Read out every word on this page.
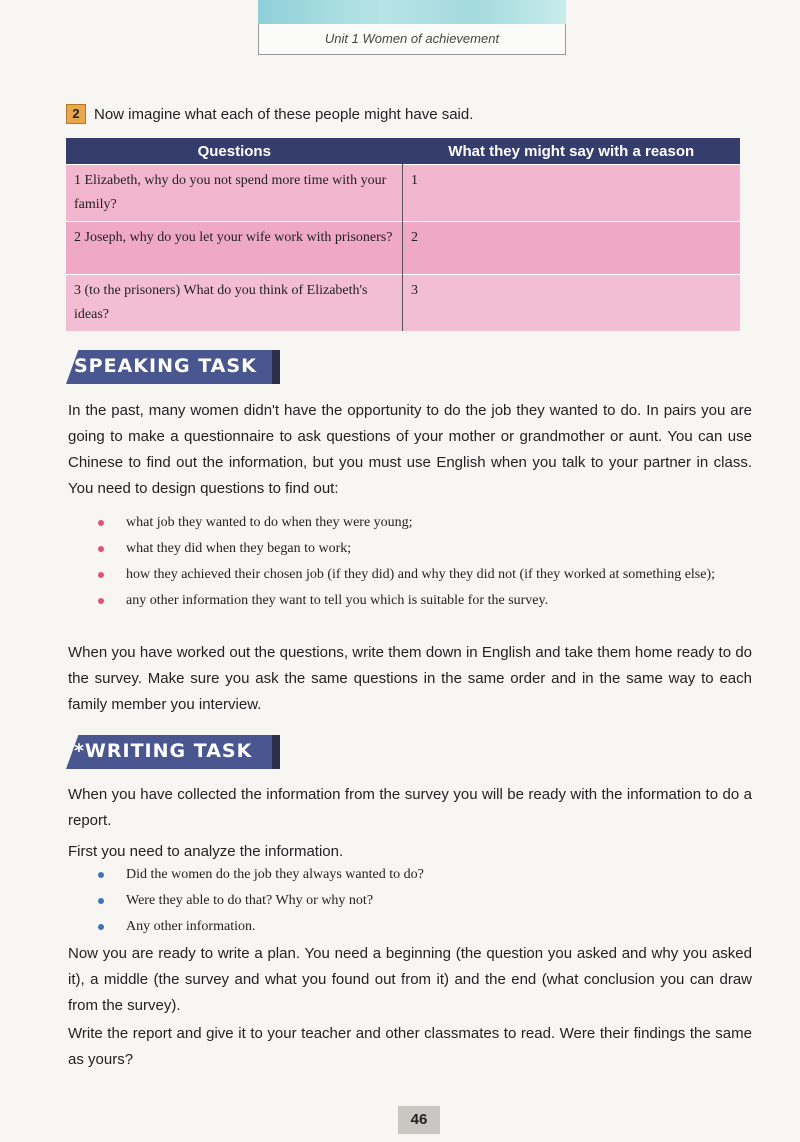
Unit 1 Women of achievement
2 Now imagine what each of these people might have said.
Questions	What they might say with a reason
1 Elizabeth, why do you not spend more time with your family?	1
2 Joseph, why do you let your wife work with prisoners?	2
3 (to the prisoners) What do you think of Elizabeth's ideas?	3
SPEAKING TASK
In the past, many women didn't have the opportunity to do the job they wanted to do. In pairs you are going to make a questionnaire to ask questions of your mother or grandmother or aunt. You can use Chinese to find out the information, but you must use English when you talk to your partner in class. You need to design questions to find out:
what job they wanted to do when they were young;
what they did when they began to work;
how they achieved their chosen job (if they did) and why they did not (if they worked at something else);
any other information they want to tell you which is suitable for the survey.
When you have worked out the questions, write them down in English and take them home ready to do the survey. Make sure you ask the same questions in the same order and in the same way to each family member you interview.
*WRITING TASK
When you have collected the information from the survey you will be ready with the information to do a report.
First you need to analyze the information.
Did the women do the job they always wanted to do?
Were they able to do that? Why or why not?
Any other information.
Now you are ready to write a plan. You need a beginning (the question you asked and why you asked it), a middle (the survey and what you found out from it) and the end (what conclusion you can draw from the survey).
Write the report and give it to your teacher and other classmates to read. Were their findings the same as yours?
46
